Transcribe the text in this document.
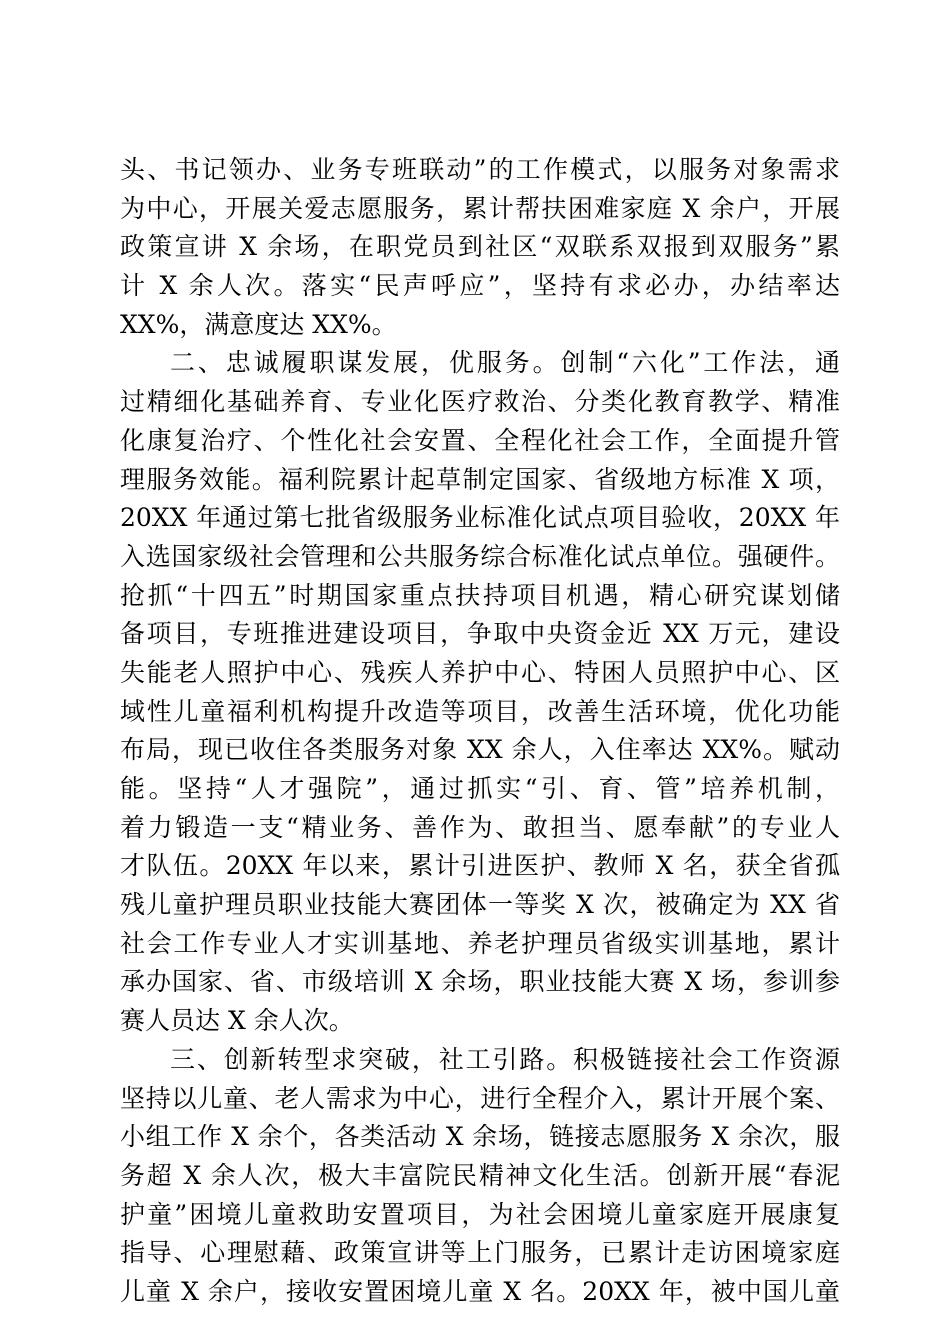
头、书记领办、业务专班联动”的工作模式，以服务对象需求
为中心，开展关爱志愿服务，累计帮扶困难家庭 X 余户，开展
政策宣讲 X 余场，在职党员到社区“双联系双报到双服务”累
计 X 余人次。落实“民声呼应”，坚持有求必办，办结率达
XX%，满意度达 XX%。
二、忠诚履职谋发展，优服务。创制“六化”工作法，通
过精细化基础养育、专业化医疗救治、分类化教育教学、精准
化康复治疗、个性化社会安置、全程化社会工作，全面提升管
理服务效能。福利院累计起草制定国家、省级地方标准 X 项，
20XX 年通过第七批省级服务业标准化试点项目验收，20XX 年
入选国家级社会管理和公共服务综合标准化试点单位。强硬件。
抢抓“十四五”时期国家重点扶持项目机遇，精心研究谋划储
备项目，专班推进建设项目，争取中央资金近 XX 万元，建设
失能老人照护中心、残疾人养护中心、特困人员照护中心、区
域性儿童福利机构提升改造等项目，改善生活环境，优化功能
布局，现已收住各类服务对象 XX 余人，入住率达 XX%。赋动
能。坚持“人才强院”，通过抓实“引、育、管”培养机制，
着力锻造一支“精业务、善作为、敢担当、愿奉献”的专业人
才队伍。20XX 年以来，累计引进医护、教师 X 名，获全省孤
残儿童护理员职业技能大赛团体一等奖 X 次，被确定为 XX 省
社会工作专业人才实训基地、养老护理员省级实训基地，累计
承办国家、省、市级培训 X 余场，职业技能大赛 X 场，参训参
赛人员达 X 余人次。
三、创新转型求突破，社工引路。积极链接社会工作资源
坚持以儿童、老人需求为中心，进行全程介入，累计开展个案、
小组工作 X 余个，各类活动 X 余场，链接志愿服务 X 余次，服
务超 X 余人次，极大丰富院民精神文化生活。创新开展“春泥
护童”困境儿童救助安置项目，为社会困境儿童家庭开展康复
指导、心理慰藉、政策宣讲等上门服务，已累计走访困境家庭
儿童 X 余户，接收安置困境儿童 X 名。20XX 年，被中国儿童
